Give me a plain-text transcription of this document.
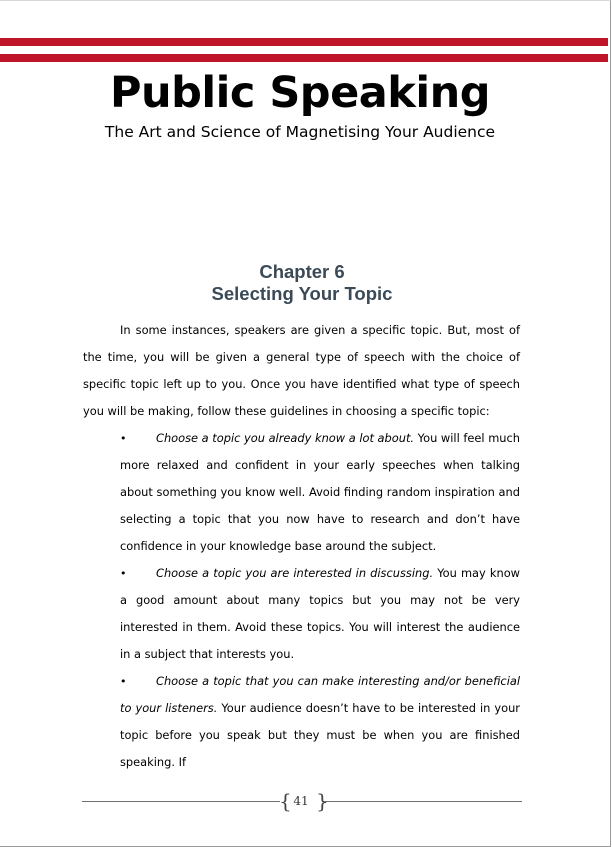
Public Speaking
The Art and Science of Magnetising Your Audience
Chapter 6
Selecting Your Topic

In some instances, speakers are given a specific topic. But, most of the time, you will be given a general type of speech with the choice of specific topic left up to you. Once you have identified what type of speech you will be making, follow these guidelines in choosing a specific topic:

•	Choose a topic you already know a lot about. You will feel much more relaxed and confident in your early speeches when talking about something you know well. Avoid finding random inspiration and selecting a topic that you now have to research and don’t have confidence in your knowledge base around the subject.
•	Choose a topic you are interested in discussing. You may know a good amount about many topics but you may not be very interested in them. Avoid these topics. You will interest the audience in a subject that interests you.
•	Choose a topic that you can make interesting and/or beneficial to your listeners. Your audience doesn’t have to be interested in your topic before you speak but they must be when you are finished speaking. If
{ }
41
